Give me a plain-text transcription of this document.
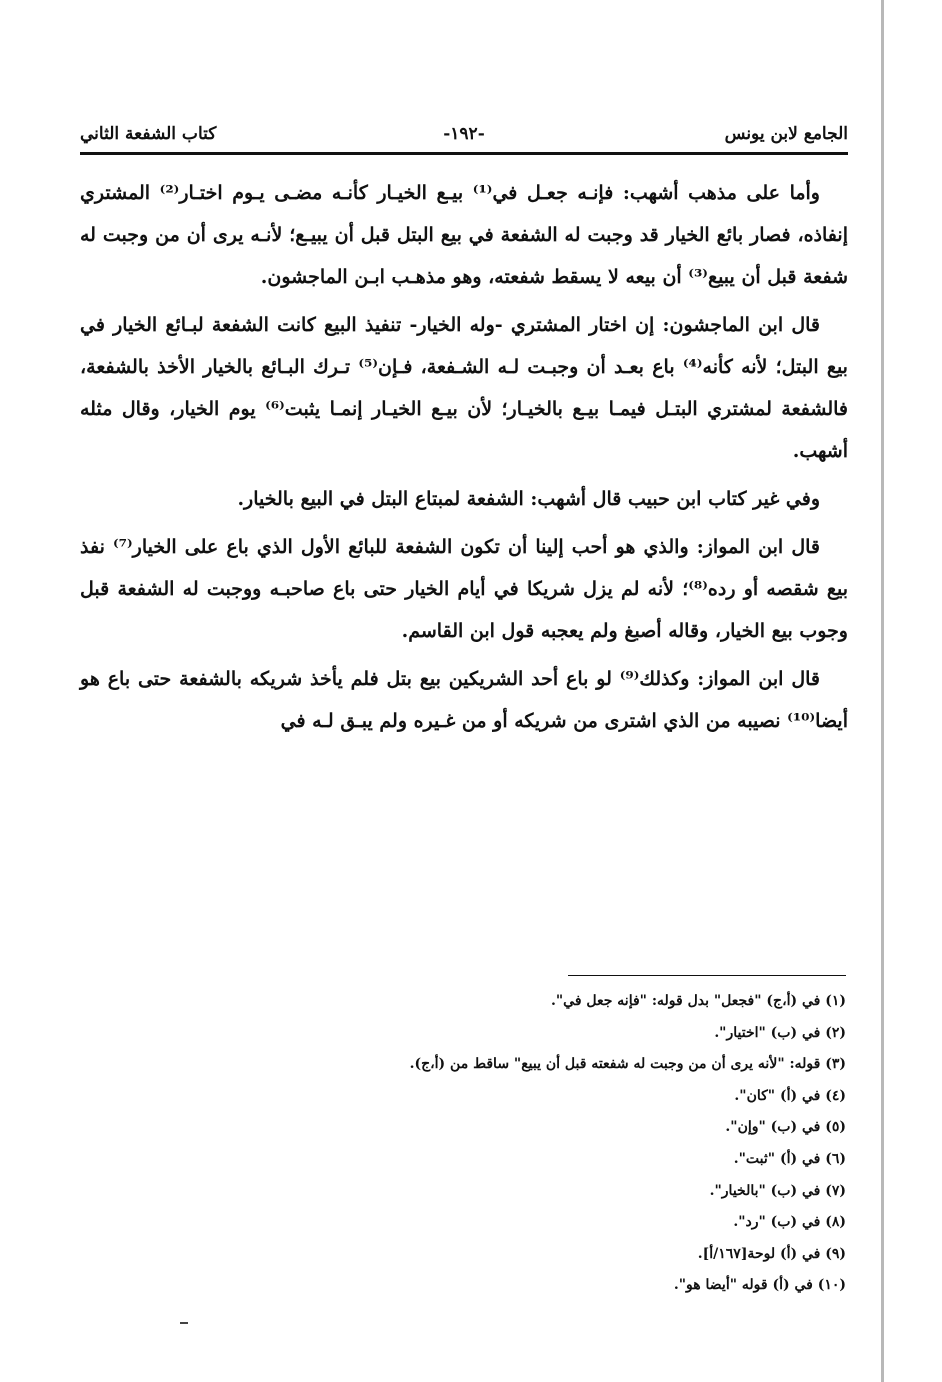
الجامع لابن يونس
-١٩٢-
كتاب الشفعة الثاني

وأما على مذهب أشهب: فإنـه جعـل في⁽¹⁾ بيـع الخيـار كأنـه مضـى يـوم اختـار⁽²⁾ المشتري إنفاذه، فصار بائع الخيار قد وجبت له الشفعة في بيع البتل قبل أن يبيـع؛ لأنـه يرى أن من وجبت له شفعة قبل أن يبيع⁽³⁾ أن بيعه لا يسقط شفعته، وهو مذهـب ابـن الماجشون.

قال ابن الماجشون: إن اختار المشتري -وله الخيار- تنفيذ البيع كانت الشفعة لبـائع الخيار في بيع البتل؛ لأنه كأنه⁽⁴⁾ باع بعـد أن وجبـت لـه الشـفعة، فـإن⁽⁵⁾ تـرك البـائع بالخيار الأخذ بالشفعة، فالشفعة لمشتري البتـل فيمـا بيـع بالخيـار؛ لأن بيـع الخيـار إنمـا يثبت⁽⁶⁾ يوم الخيار، وقال مثله أشهب.

وفي غير كتاب ابن حبيب قال أشهب: الشفعة لمبتاع البتل في البيع بالخيار.

قال ابن المواز: والذي هو أحب إلينا أن تكون الشفعة للبائع الأول الذي باع على الخيار⁽⁷⁾ نفذ بيع شقصه أو رده⁽⁸⁾؛ لأنه لم يزل شريكا في أيام الخيار حتى باع صاحبـه ووجبت له الشفعة قبل وجوب بيع الخيار، وقاله أصبغ ولم يعجبه قول ابن القاسم.

قال ابن المواز: وكذلك⁽⁹⁾ لو باع أحد الشريكين بيع بتل فلم يأخذ شريكه بالشفعة حتى باع هو أيضا⁽¹⁰⁾ نصيبه من الذي اشترى من شريكه أو من غـيره ولم يبـق لـه في

(١) في (أ،ج) "فجعل" بدل قوله: "فإنه جعل في".
(٢) في (ب) "اختيار".
(٣) قوله: "لأنه يرى أن من وجبت له شفعته قبل أن يبيع" ساقط من (أ،ج).
(٤) في (أ) "كان".
(٥) في (ب) "وإن".
(٦) في (أ) "ثبت".
(٧) في (ب) "بالخيار".
(٨) في (ب) "رد".
(٩) في (أ) لوحة[١٦٧/أ].
(١٠) في (أ) قوله "أيضا هو".
